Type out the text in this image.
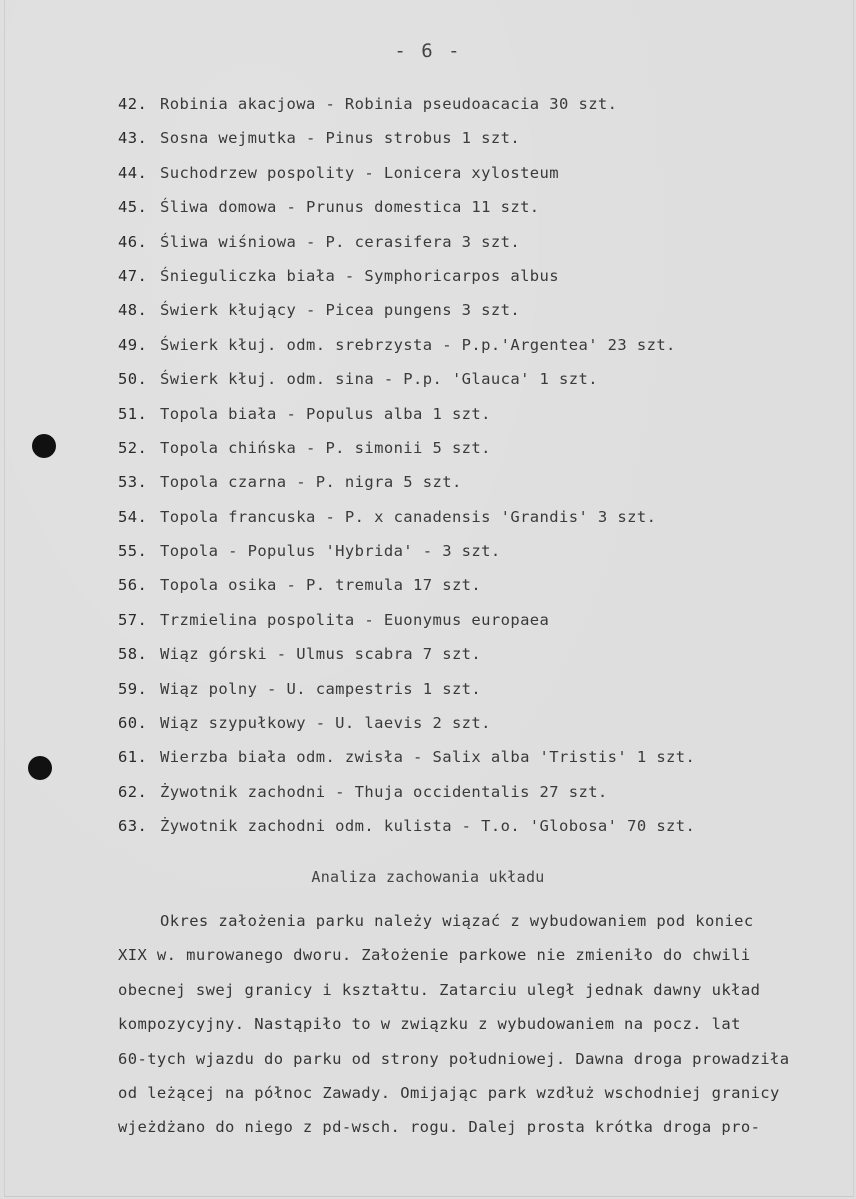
- 6 -
42. Robinia akacjowa - Robinia pseudoacacia 30 szt.
43. Sosna wejmutka - Pinus strobus 1 szt.
44. Suchodrzew pospolity - Lonicera xylosteum
45. Śliwa domowa - Prunus domestica 11 szt.
46. Śliwa wiśniowa - P. cerasifera 3 szt.
47. Śnieguliczka biała - Symphoricarpos albus
48. Świerk kłujący - Picea pungens 3 szt.
49. Świerk kłuj. odm. srebrzysta - P.p.'Argentea' 23 szt.
50. Świerk kłuj. odm. sina - P.p. 'Glauca' 1 szt.
51. Topola biała - Populus alba 1 szt.
52. Topola chińska - P. simonii 5 szt.
53. Topola czarna - P. nigra 5 szt.
54. Topola francuska - P. x canadensis 'Grandis' 3 szt.
55. Topola - Populus 'Hybrida' - 3 szt.
56. Topola osika - P. tremula 17 szt.
57. Trzmielina pospolita - Euonymus europaea
58. Wiąz górski - Ulmus scabra 7 szt.
59. Wiąz polny - U. campestris 1 szt.
60. Wiąz szypułkowy - U. laevis 2 szt.
61. Wierzba biała odm. zwisła - Salix alba 'Tristis' 1 szt.
62. Żywotnik zachodni - Thuja occidentalis 27 szt.
63. Żywotnik zachodni odm. kulista - T.o. 'Globosa' 70 szt.
Analiza zachowania układu
Okres założenia parku należy wiązać z wybudowaniem pod koniec
XIX w. murowanego dworu. Założenie parkowe nie zmieniło do chwili
obecnej swej granicy i kształtu. Zatarciu uległ jednak dawny układ
kompozycyjny. Nastąpiło to w związku z wybudowaniem na pocz. lat
60-tych wjazdu do parku od strony południowej. Dawna droga prowadziła
od leżącej na północ Zawady. Omijając park wzdłuż wschodniej granicy
wjeżdżano do niego z pd-wsch. rogu. Dalej prosta krótka droga pro-
